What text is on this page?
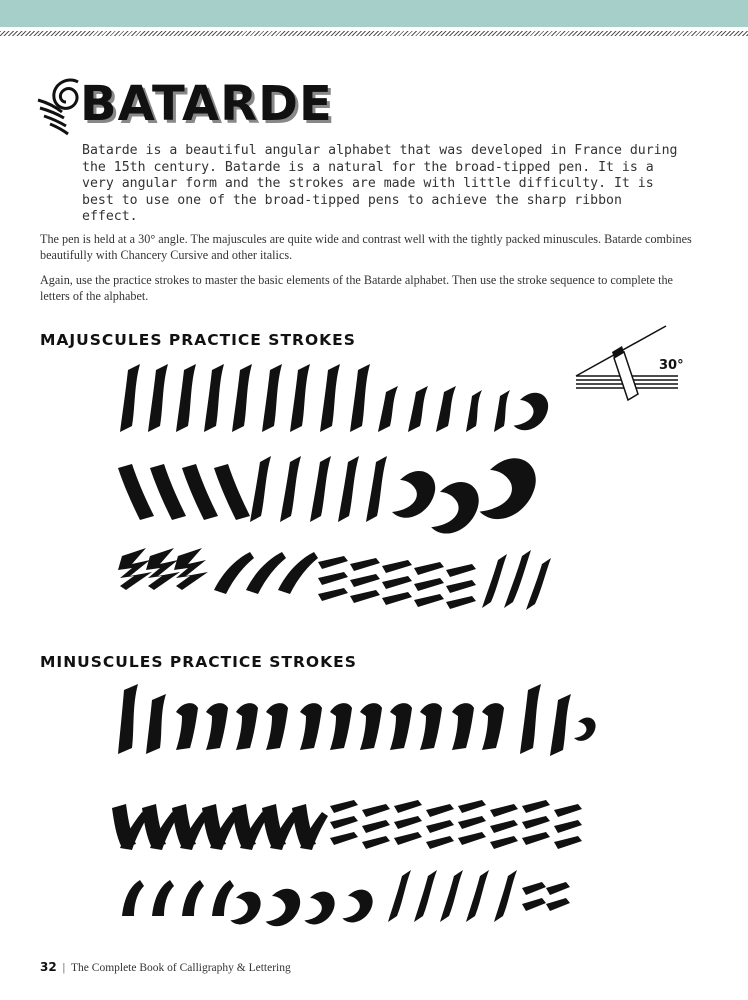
BATARDE
Batarde is a beautiful angular alphabet that was developed in France during the 15th century. Batarde is a natural for the broad-tipped pen. It is a very angular form and the strokes are made with little difficulty. It is best to use one of the broad-tipped pens to achieve the sharp ribbon effect.
The pen is held at a 30° angle. The majuscules are quite wide and contrast well with the tightly packed minuscules. Batarde combines beautifully with Chancery Cursive and other italics.
Again, use the practice strokes to master the basic elements of the Batarde alphabet. Then use the stroke sequence to complete the letters of the alphabet.
MAJUSCULES PRACTICE STROKES
30°
MINUSCULES PRACTICE STROKES
32 | The Complete Book of Calligraphy & Lettering
